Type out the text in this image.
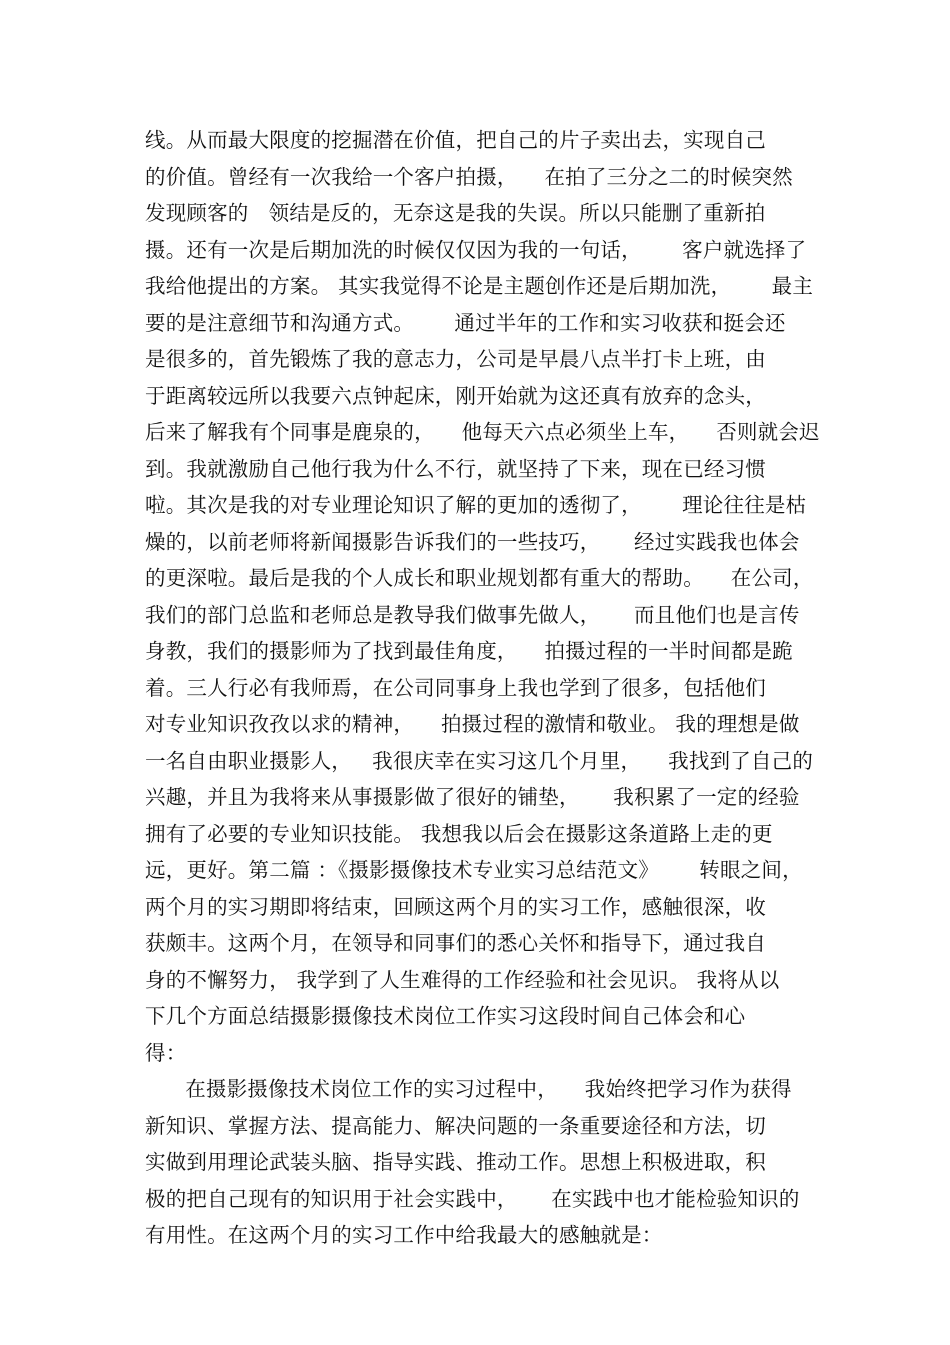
线。从而最大限度的挖掘潜在价值，把自己的片子卖出去，实现自己
的价值。曾经有一次我给一个客户拍摄，    在拍了三分之二的时候突然
发现顾客的   领结是反的，无奈这是我的失误。所以只能删了重新拍
摄。还有一次是后期加洗的时候仅仅因为我的一句话，      客户就选择了
我给他提出的方案。 其实我觉得不论是主题创作还是后期加洗，      最主
要的是注意细节和沟通方式。      通过半年的工作和实习收获和挺会还
是很多的，首先锻炼了我的意志力，公司是早晨八点半打卡上班，由
于距离较远所以我要六点钟起床，刚开始就为这还真有放弃的念头，
后来了解我有个同事是鹿泉的，    他每天六点必须坐上车，    否则就会迟
到。我就激励自己他行我为什么不行，就坚持了下来，现在已经习惯
啦。其次是我的对专业理论知识了解的更加的透彻了，      理论往往是枯
燥的，以前老师将新闻摄影告诉我们的一些技巧，     经过实践我也体会
的更深啦。最后是我的个人成长和职业规划都有重大的帮助。    在公司，
我们的部门总监和老师总是教导我们做事先做人，     而且他们也是言传
身教，我们的摄影师为了找到最佳角度，    拍摄过程的一半时间都是跪
着。三人行必有我师焉，在公司同事身上我也学到了很多，包括他们
对专业知识孜孜以求的精神，    拍摄过程的激情和敬业。 我的理想是做
一名自由职业摄影人，   我很庆幸在实习这几个月里，    我找到了自己的
兴趣，并且为我将来从事摄影做了很好的铺垫，     我积累了一定的经验
拥有了必要的专业知识技能。 我想我以后会在摄影这条道路上走的更
远，更好。第二篇 ：《摄影摄像技术专业实习总结范文》      转眼之间，
两个月的实习期即将结束，回顾这两个月的实习工作，感触很深，收
获颇丰。这两个月，在领导和同事们的悉心关怀和指导下，通过我自
身的不懈努力， 我学到了人生难得的工作经验和社会见识。 我将从以
下几个方面总结摄影摄像技术岗位工作实习这段时间自己体会和心
得：
在摄影摄像技术岗位工作的实习过程中，    我始终把学习作为获得
新知识、掌握方法、提高能力、解决问题的一条重要途径和方法，切
实做到用理论武装头脑、指导实践、推动工作。思想上积极进取，积
极的把自己现有的知识用于社会实践中，     在实践中也才能检验知识的
有用性。在这两个月的实习工作中给我最大的感触就是：
